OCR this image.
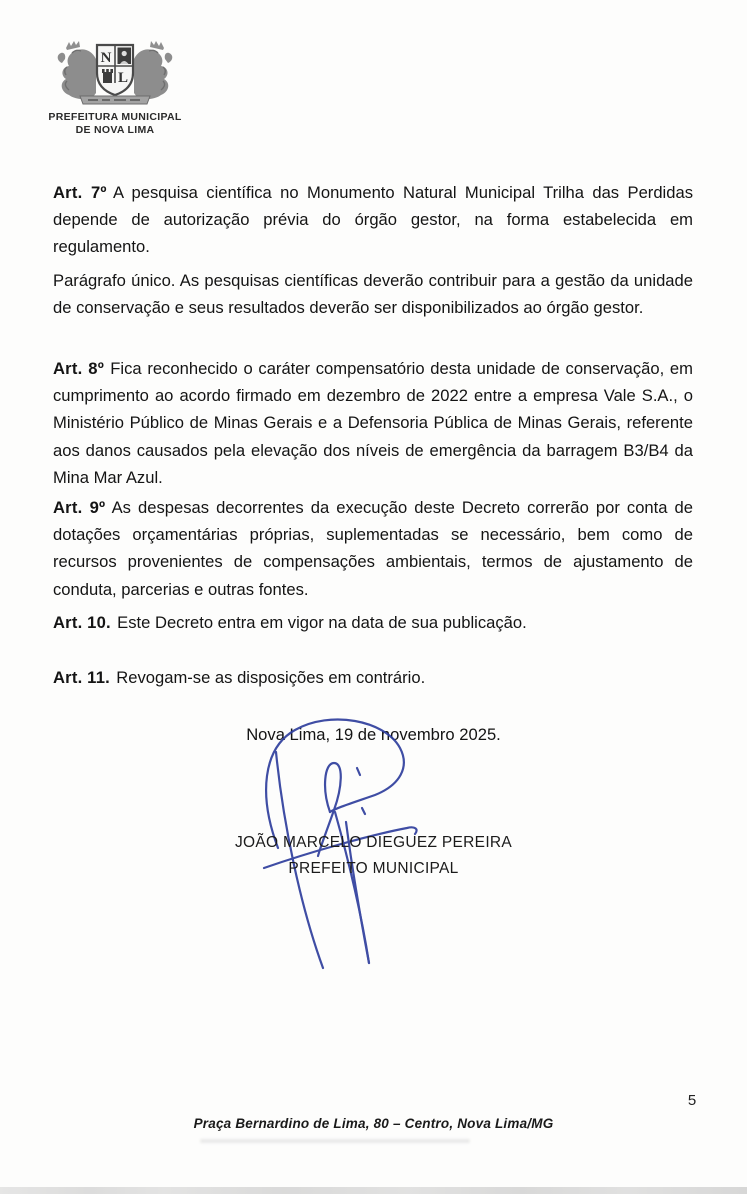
N
L
PREFEITURA MUNICIPAL
DE NOVA LIMA

Art. 7º A pesquisa científica no Monumento Natural Municipal Trilha das Perdidas depende de autorização prévia do órgão gestor, na forma estabelecida em regulamento.

Parágrafo único. As pesquisas científicas deverão contribuir para a gestão da unidade de conservação e seus resultados deverão ser disponibilizados ao órgão gestor.

Art. 8º Fica reconhecido o caráter compensatório desta unidade de conservação, em cumprimento ao acordo firmado em dezembro de 2022 entre a empresa Vale S.A., o Ministério Público de Minas Gerais e a Defensoria Pública de Minas Gerais, referente aos danos causados pela elevação dos níveis de emergência da barragem B3/B4 da Mina Mar Azul.

Art. 9º As despesas decorrentes da execução deste Decreto correrão por conta de dotações orçamentárias próprias, suplementadas se necessário, bem como de recursos provenientes de compensações ambientais, termos de ajustamento de conduta, parcerias e outras fontes.

Art. 10. Este Decreto entra em vigor na data de sua publicação.

Art. 11. Revogam-se as disposições em contrário.

Nova Lima, 19 de novembro 2025.
JOÃO MARCELO DIEGUEZ PEREIRA
PREFEITO MUNICIPAL
5
Praça Bernardino de Lima, 80 – Centro, Nova Lima/MG
